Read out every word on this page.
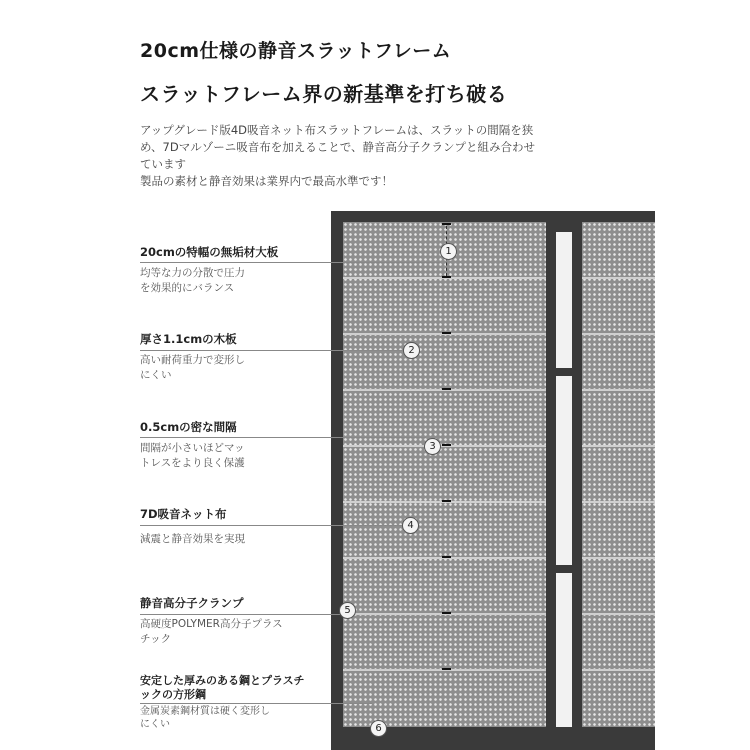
20cm仕様の静音スラットフレーム
スラットフレーム界の新基準を打ち破る

アップグレード版4D吸音ネット布スラットフレームは、スラットの間隔を狭

め、7Dマルゾーニ吸音布を加えることで、静音高分子クランプと組み合わせ

ています

製品の素材と静音効果は業界内で最高水準です！

1
2
3
4
5
6
20cmの特幅の無垢材大板
均等な力の分散で圧力
を効果的にバランス
厚さ1.1cmの木板
高い耐荷重力で変形し
にくい
0.5cmの密な間隔
間隔が小さいほどマッ
トレスをより良く保護
7D吸音ネット布
減震と静音効果を実現
静音高分子クランプ
高硬度POLYMER高分子プラス
チック
安定した厚みのある鋼とプラスチックの方形鋼
金属炭素鋼材質は硬く変形し
にくい
